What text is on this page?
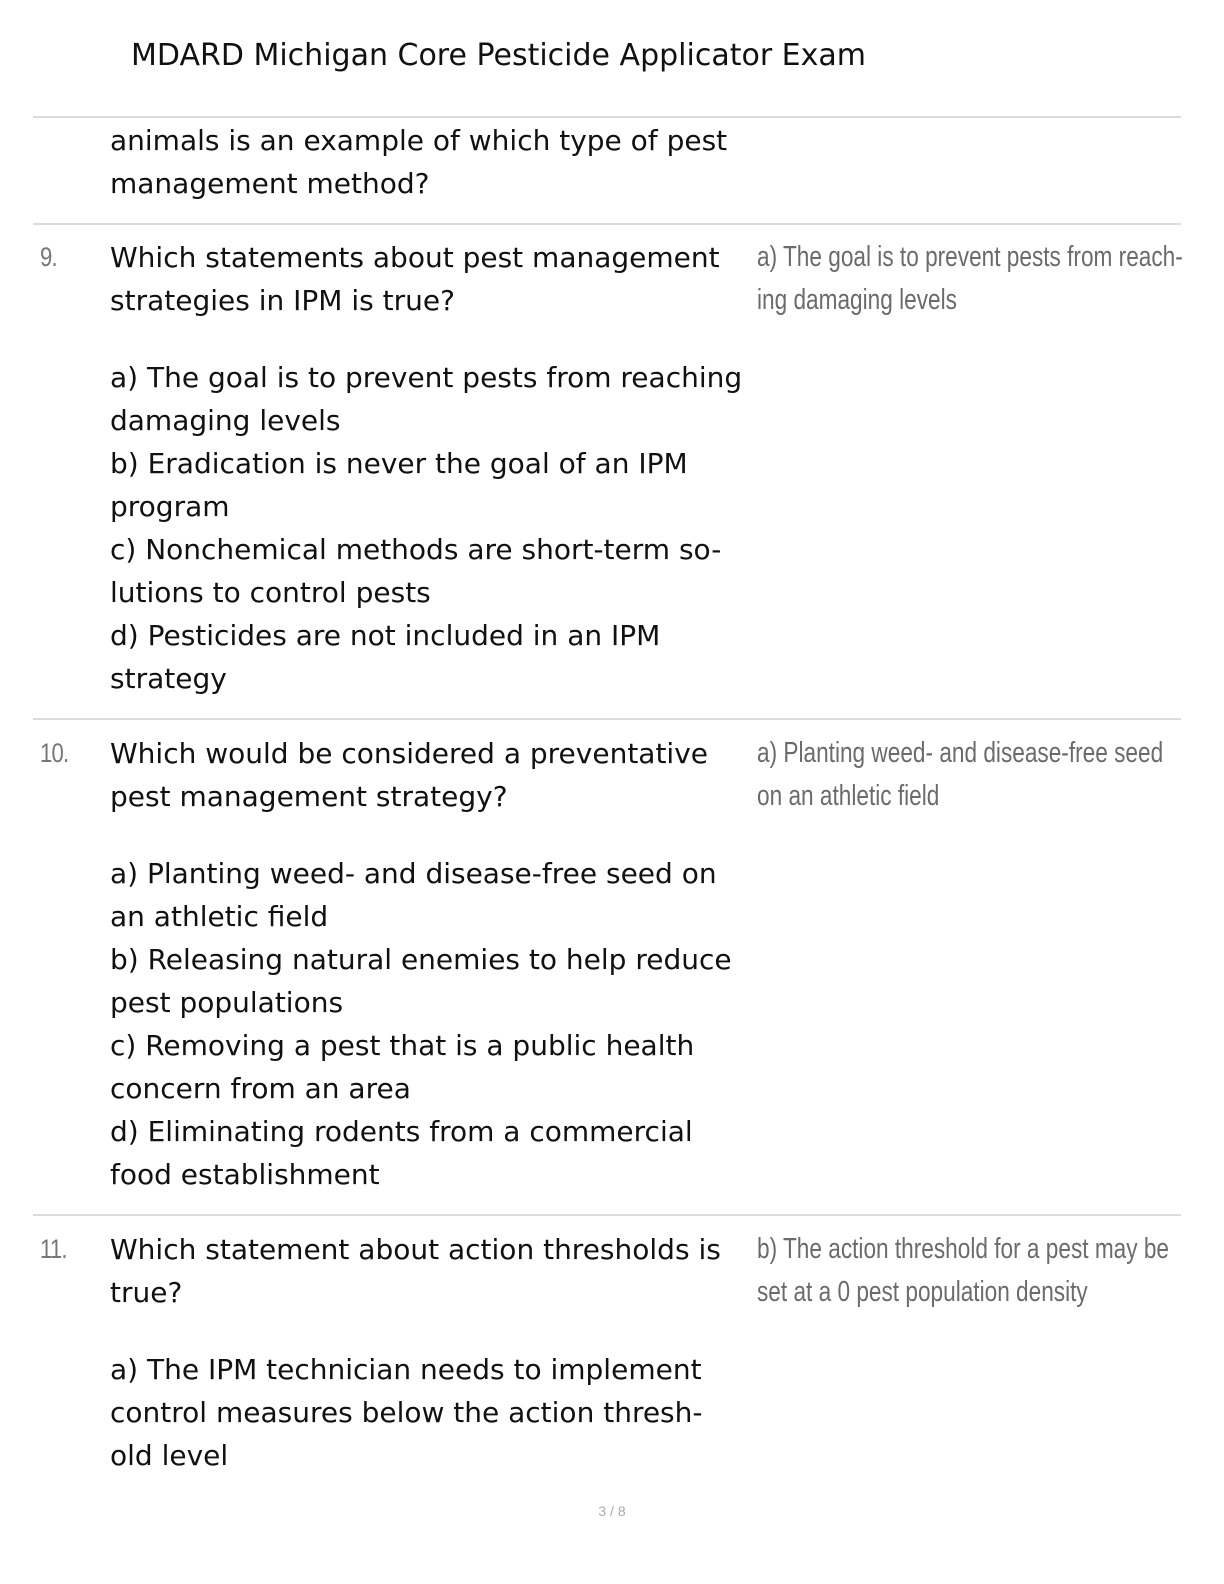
MDARD Michigan Core Pesticide Applicator Exam
animals is an example of which type of pest
management method?
9. Which statements about pest management
strategies in IPM is true?
a) The goal is to prevent pests from reaching
damaging levels
b) Eradication is never the goal of an IPM
program
c) Nonchemical methods are short-term so-
lutions to control pests
d) Pesticides are not included in an IPM
strategy
a) The goal is to prevent pests from reach-
ing damaging levels
10. Which would be considered a preventative
pest management strategy?
a) Planting weed- and disease-free seed on
an athletic field
b) Releasing natural enemies to help reduce
pest populations
c) Removing a pest that is a public health
concern from an area
d) Eliminating rodents from a commercial
food establishment
a) Planting weed- and disease-free seed
on an athletic field
11. Which statement about action thresholds is
true?
a) The IPM technician needs to implement
control measures below the action thresh-
old level
b) The action threshold for a pest may be
set at a 0 pest population density
3 / 8
